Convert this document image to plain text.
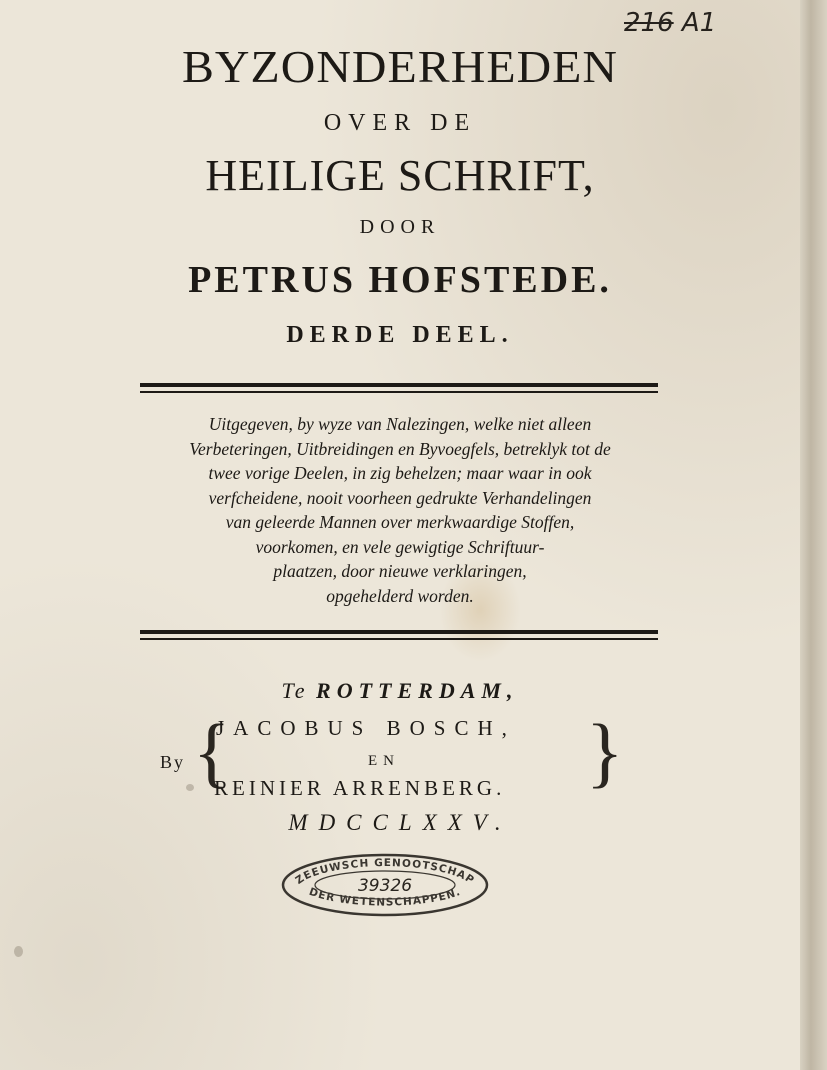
216 A1
BYZONDERHEDEN
OVER DE
HEILIGE SCHRIFT,
DOOR
PETRUS HOFSTEDE.
DERDE DEEL.
Uitgegeven, by wyze van Nalezingen, welke niet alleen
Verbeteringen, Uitbreidingen en Byvoegfels, betreklyk tot de
twee vorige Deelen, in zig behelzen; maar waar in ook
verfcheidene, nooit voorheen gedrukte Verhandelingen
van geleerde Mannen over merkwaardige Stoffen,
voorkomen, en vele gewigtige Schriftuur-
plaatzen, door nieuwe verklaringen,
opgehelderd worden.
Te ROTTERDAM,
By {
JACOBUS BOSCH,
EN
REINIER ARRENBERG. }
MDCCLXXV.
ZEEUWSCH GENOOTSCHAP
39326
DER WETENSCHAPPEN.
